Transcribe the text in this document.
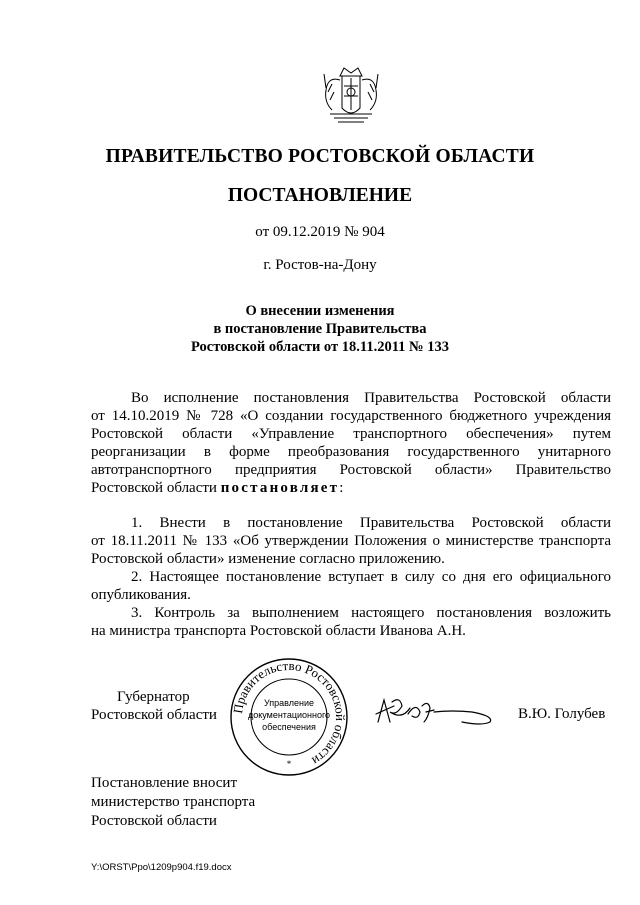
ПРАВИТЕЛЬСТВО РОСТОВСКОЙ ОБЛАСТИ
ПОСТАНОВЛЕНИЕ
от 09.12.2019 № 904
г. Ростов-на-Дону
О внесении изменения
в постановление Правительства
Ростовской области от 18.11.2011 № 133
Во исполнение постановления Правительства Ростовской области
от 14.10.2019 № 728 «О создании государственного бюджетного учреждения
Ростовской области «Управление транспортного обеспечения» путем
реорганизации в форме преобразования государственного унитарного
автотранспортного предприятия Ростовской области» Правительство
Ростовской области постановляет:
1. Внести в постановление Правительства Ростовской области
от 18.11.2011 № 133 «Об утверждении Положения о министерстве транспорта
Ростовской области» изменение согласно приложению.
2. Настоящее постановление вступает в силу со дня его официального
опубликования.
3. Контроль за выполнением настоящего постановления возложить
на министра транспорта Ростовской области Иванова А.Н.
Губернатор
Ростовской области Правительство Ростовской области
Управление
документационного
обеспечения
*
В.Ю. Голубев
Постановление вносит
министерство транспорта
Ростовской области
Y:\ORST\Ppo\1209p904.f19.docx
